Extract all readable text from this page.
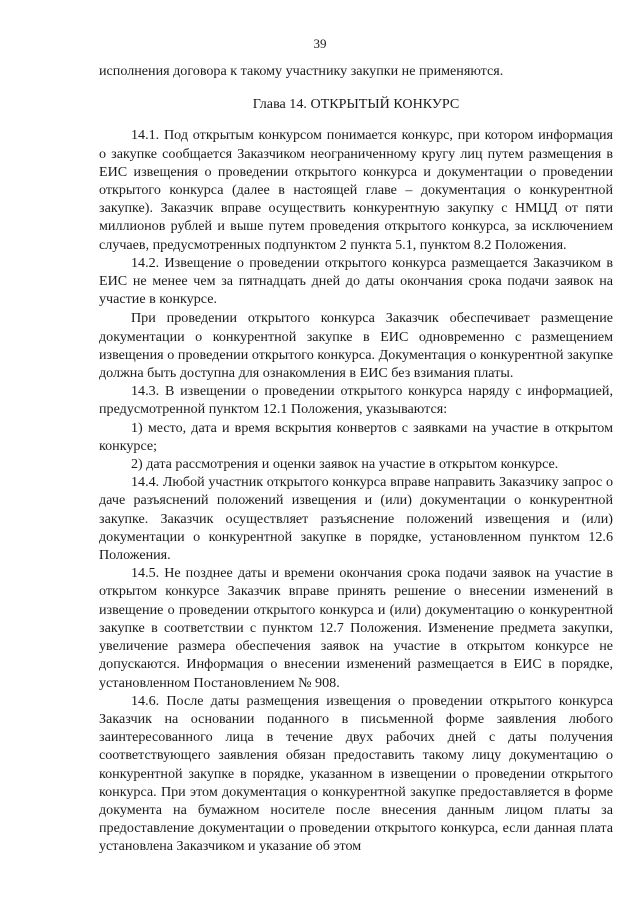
39

исполнения договора к такому участнику закупки не применяются.

Глава 14. ОТКРЫТЫЙ КОНКУРС

14.1. Под открытым конкурсом понимается конкурс, при котором информация о закупке сообщается Заказчиком неограниченному кругу лиц путем размещения в ЕИС извещения о проведении открытого конкурса и документации о проведении открытого конкурса (далее в настоящей главе – документация о конкурентной закупке). Заказчик вправе осуществить конкурентную закупку с НМЦД от пяти миллионов рублей и выше путем проведения открытого конкурса, за исключением случаев, предусмотренных подпунктом 2 пункта 5.1, пунктом 8.2 Положения.

14.2. Извещение о проведении открытого конкурса размещается Заказчиком в ЕИС не менее чем за пятнадцать дней до даты окончания срока подачи заявок на участие в конкурсе.

При проведении открытого конкурса Заказчик обеспечивает размещение документации о конкурентной закупке в ЕИС одновременно с размещением извещения о проведении открытого конкурса. Документация о конкурентной закупке должна быть доступна для ознакомления в ЕИС без взимания платы.

14.3. В извещении о проведении открытого конкурса наряду с информацией, предусмотренной пунктом 12.1 Положения, указываются:

1) место, дата и время вскрытия конвертов с заявками на участие в открытом конкурсе;

2) дата рассмотрения и оценки заявок на участие в открытом конкурсе.

14.4. Любой участник открытого конкурса вправе направить Заказчику запрос о даче разъяснений положений извещения и (или) документации о конкурентной закупке. Заказчик осуществляет разъяснение положений извещения и (или) документации о конкурентной закупке в порядке, установленном пунктом 12.6 Положения.

14.5. Не позднее даты и времени окончания срока подачи заявок на участие в открытом конкурсе Заказчик вправе принять решение о внесении изменений в извещение о проведении открытого конкурса и (или) документацию о конкурентной закупке в соответствии с пунктом 12.7 Положения. Изменение предмета закупки, увеличение размера обеспечения заявок на участие в открытом конкурсе не допускаются. Информация о внесении изменений размещается в ЕИС в порядке, установленном Постановлением № 908.

14.6. После даты размещения извещения о проведении открытого конкурса Заказчик на основании поданного в письменной форме заявления любого заинтересованного лица в течение двух рабочих дней с даты получения соответствующего заявления обязан предоставить такому лицу документацию о конкурентной закупке в порядке, указанном в извещении о проведении открытого конкурса. При этом документация о конкурентной закупке предоставляется в форме документа на бумажном носителе после внесения данным лицом платы за предоставление документации о проведении открытого конкурса, если данная плата установлена Заказчиком и указание об этом
